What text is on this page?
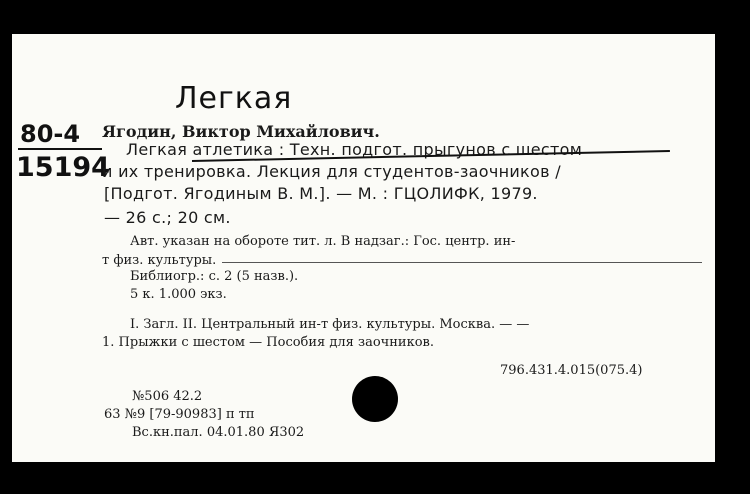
Легкая

80-4

15194

Ягодин, Виктор Михайлович.

Легкая атлетика : Техн. подгот. прыгунов с шестом

и их тренировка. Лекция для студентов-заочников /

[Подгот. Ягодиным В. М.]. — М. : ГЦОЛИФК, 1979.

— 26 с.; 20 см.

Авт. указан на обороте тит. л. В надзаг.: Гос. центр. ин-

т физ. культуры.

Библиогр.: с. 2 (5 назв.).

5 к. 1.000 экз.

I. Загл. II. Центральный ин-т физ. культуры. Москва. — —

1. Прыжки с шестом — Пособия для заочников.

796.431.4.015(075.4)

№506 42.2

63 №9 [79-90983] п тп

Вс.кн.пал. 04.01.80 Я302
